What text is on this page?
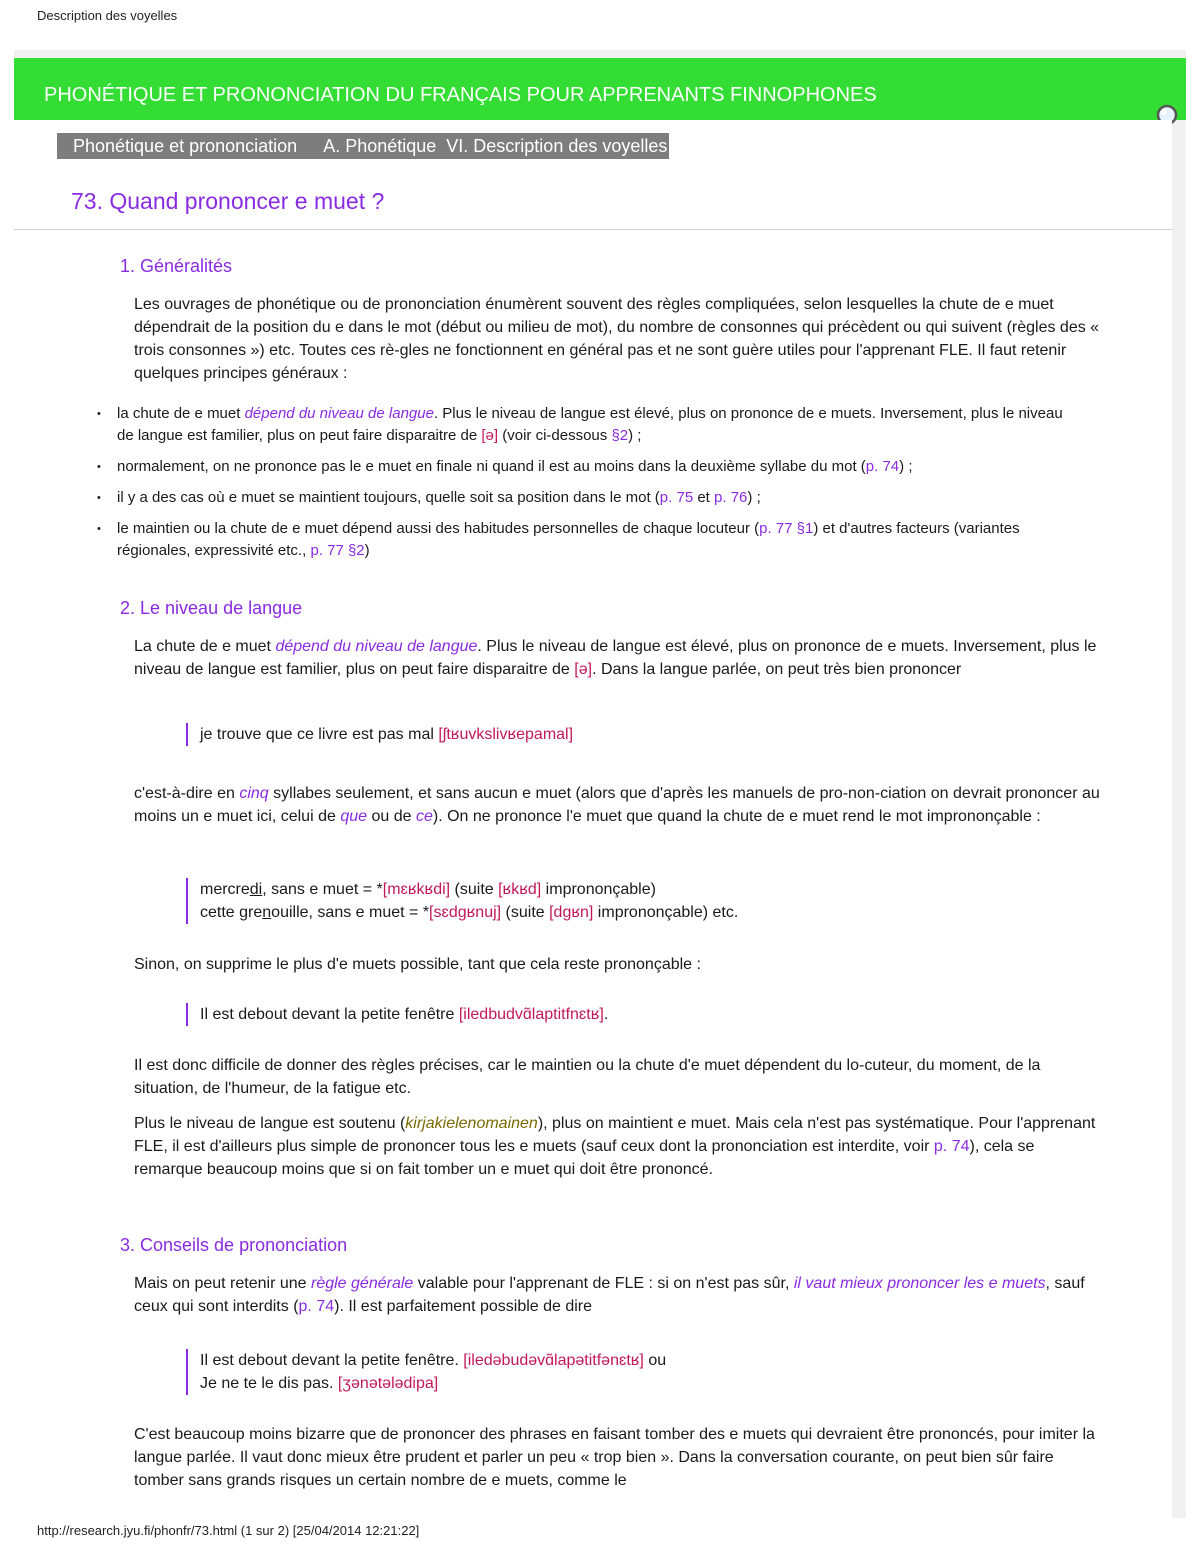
Description des voyelles
PHONÉTIQUE ET PRONONCIATION DU FRANÇAIS POUR APPRENANTS FINNOPHONES
Phonétique et prononciation A. Phonétique VI. Description des voyelles
73. Quand prononcer e muet ?
1. Généralités

Les ouvrages de phonétique ou de prononciation énumèrent souvent des règles compliquées, selon lesquelles la chute de e muet dépendrait de la position du e dans le mot (début ou milieu de mot), du nombre de consonnes qui précèdent ou qui suivent (règles des « trois consonnes ») etc. Toutes ces rè-gles ne fonctionnent en général pas et ne sont guère utiles pour l'apprenant FLE. Il faut retenir quelques principes généraux :

• la chute de e muet dépend du niveau de langue. Plus le niveau de langue est élevé, plus on prononce de e muets. Inversement, plus le niveau de langue est familier, plus on peut faire disparaitre de [ə] (voir ci-dessous §2) ;
• normalement, on ne prononce pas le e muet en finale ni quand il est au moins dans la deuxième syllabe du mot (p. 74) ;
• il y a des cas où e muet se maintient toujours, quelle soit sa position dans le mot (p. 75 et p. 76) ;
• le maintien ou la chute de e muet dépend aussi des habitudes personnelles de chaque locuteur (p. 77 §1) et d'autres facteurs (variantes régionales, expressivité etc., p. 77 §2)
2. Le niveau de langue

La chute de e muet dépend du niveau de langue. Plus le niveau de langue est élevé, plus on prononce de e muets. Inversement, plus le niveau de langue est familier, plus on peut faire disparaitre de [ə]. Dans la langue parlée, on peut très bien prononcer

je trouve que ce livre est pas mal [ʃtʁuvkslivʁepamal]

c'est-à-dire en cinq syllabes seulement, et sans aucun e muet (alors que d'après les manuels de pro-non-ciation on devrait prononcer au moins un e muet ici, celui de que ou de ce). On ne prononce l'e muet que quand la chute de e muet rend le mot imprononçable :

mercredi, sans e muet = *[mɛʁkʁdi] (suite [ʁkʁd] imprononçable)
cette grenouille, sans e muet = *[sɛdgʁnuj] (suite [dgʁn] imprononçable) etc.

Sinon, on supprime le plus d'e muets possible, tant que cela reste prononçable :

Il est debout devant la petite fenêtre [iledbudvɑ̃laptitfnɛtʁ].

Il est donc difficile de donner des règles précises, car le maintien ou la chute d'e muet dépendent du lo-cuteur, du moment, de la situation, de l'humeur, de la fatigue etc.

Plus le niveau de langue est soutenu (kirjakielenomainen), plus on maintient e muet. Mais cela n'est pas systématique. Pour l'apprenant FLE, il est d'ailleurs plus simple de prononcer tous les e muets (sauf ceux dont la prononciation est interdite, voir p. 74), cela se remarque beaucoup moins que si on fait tomber un e muet qui doit être prononcé.

3. Conseils de prononciation

Mais on peut retenir une règle générale valable pour l'apprenant de FLE : si on n'est pas sûr, il vaut mieux prononcer les e muets, sauf ceux qui sont interdits (p. 74). Il est parfaitement possible de dire

Il est debout devant la petite fenêtre. [iledəbudəvɑ̃lapətitfənɛtʁ] ou
Je ne te le dis pas. [ʒənətələdipa]

C'est beaucoup moins bizarre que de prononcer des phrases en faisant tomber des e muets qui devraient être prononcés, pour imiter la langue parlée. Il vaut donc mieux être prudent et parler un peu « trop bien ». Dans la conversation courante, on peut bien sûr faire tomber sans grands risques un certain nombre de e muets, comme le

http://research.jyu.fi/phonfr/73.html (1 sur 2) [25/04/2014 12:21:22]
